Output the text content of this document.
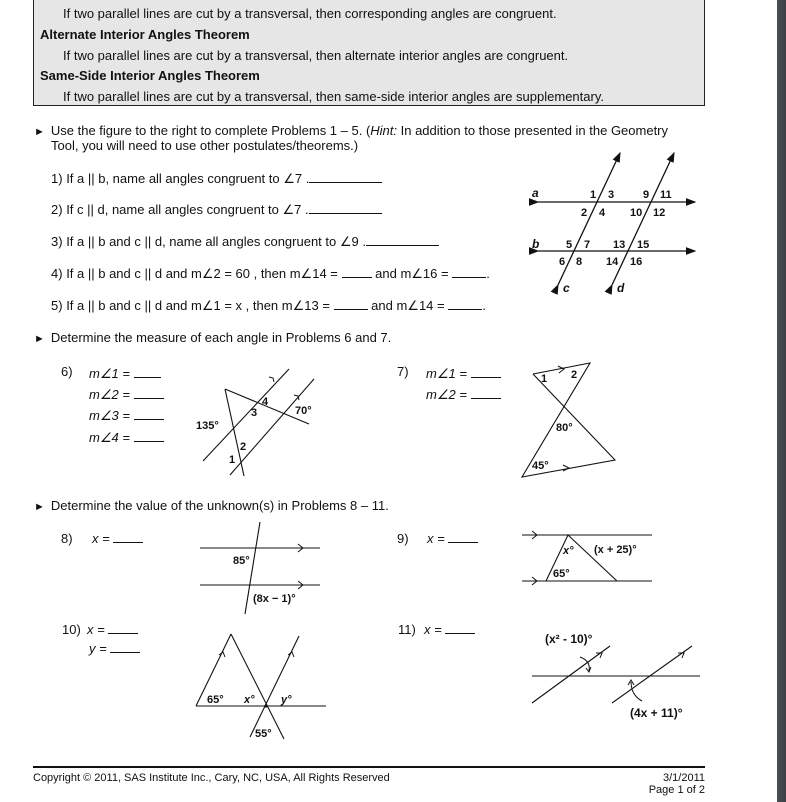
If two parallel lines are cut by a transversal, then corresponding angles are congruent.
Alternate Interior Angles Theorem
If two parallel lines are cut by a transversal, then alternate interior angles are congruent.
Same-Side Interior Angles Theorem
If two parallel lines are cut by a transversal, then same-side interior angles are supplementary.
► Use the figure to the right to complete Problems 1 – 5. (Hint: In addition to those presented in the Geometry
Tool, you will need to use other postulates/theorems.)
1) If a || b, name all angles congruent to ∠7 .
2) If c || d, name all angles congruent to ∠7 .
3) If a || b and c || d, name all angles congruent to ∠9 .
4) If a || b and c || d and m∠2 = 60 , then m∠14 =	and m∠16 =	.
5) If a || b and c || d and m∠1 = x , then m∠13 =	and m∠14 =	.
a
b
c	d
1 3
2 4
9 11
10 12
5 7 13 15
6 8 14 16
► Determine the measure of each angle in Problems 6 and 7.
6) m∠1 =
m∠2 =
m∠3 =
m∠4 =
135°
70°
1
2
3
4
7) m∠1 =
m∠2 =
1 2
80°
45°
► Determine the value of the unknown(s) in Problems 8 – 11.
8) x =
85°
(8x − 1)°
9) x =
x° (x + 25)°
65°
10) x =
y =
65° x° y°
55°
11) x =
(x² - 10)°
(4x + 11)°
Copyright © 2011, SAS Institute Inc., Cary, NC, USA, All Rights Reserved	3/1/2011
Page 1 of 2
